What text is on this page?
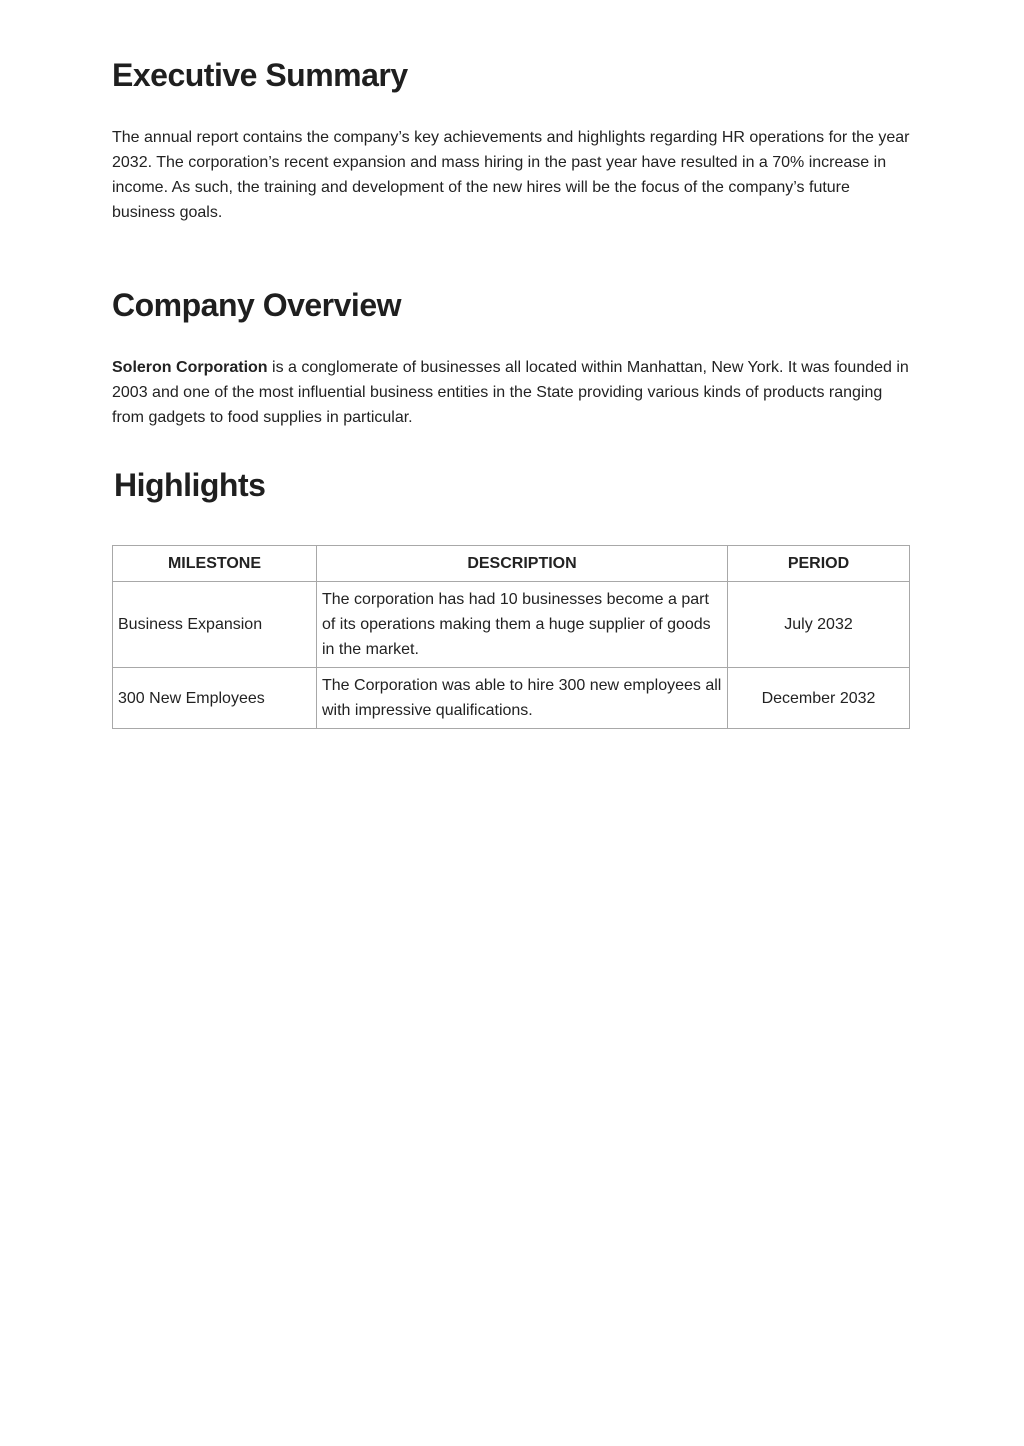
Executive Summary

The annual report contains the company’s key achievements and highlights regarding HR operations for the year 2032. The corporation’s recent expansion and mass hiring in the past year have resulted in a 70% increase in income. As such, the training and development of the new hires will be the focus of the company’s future business goals.

Company Overview

Soleron Corporation is a conglomerate of businesses all located within Manhattan, New York. It was founded in 2003 and one of the most influential business entities in the State providing various kinds of products ranging from gadgets to food supplies in particular.

Highlights
MILESTONE	DESCRIPTION	PERIOD
Business Expansion	The corporation has had 10 businesses become a part of its operations making them a huge supplier of goods in the market.	July 2032
300 New Employees	The Corporation was able to hire 300 new employees all with impressive qualifications.	December 2032
